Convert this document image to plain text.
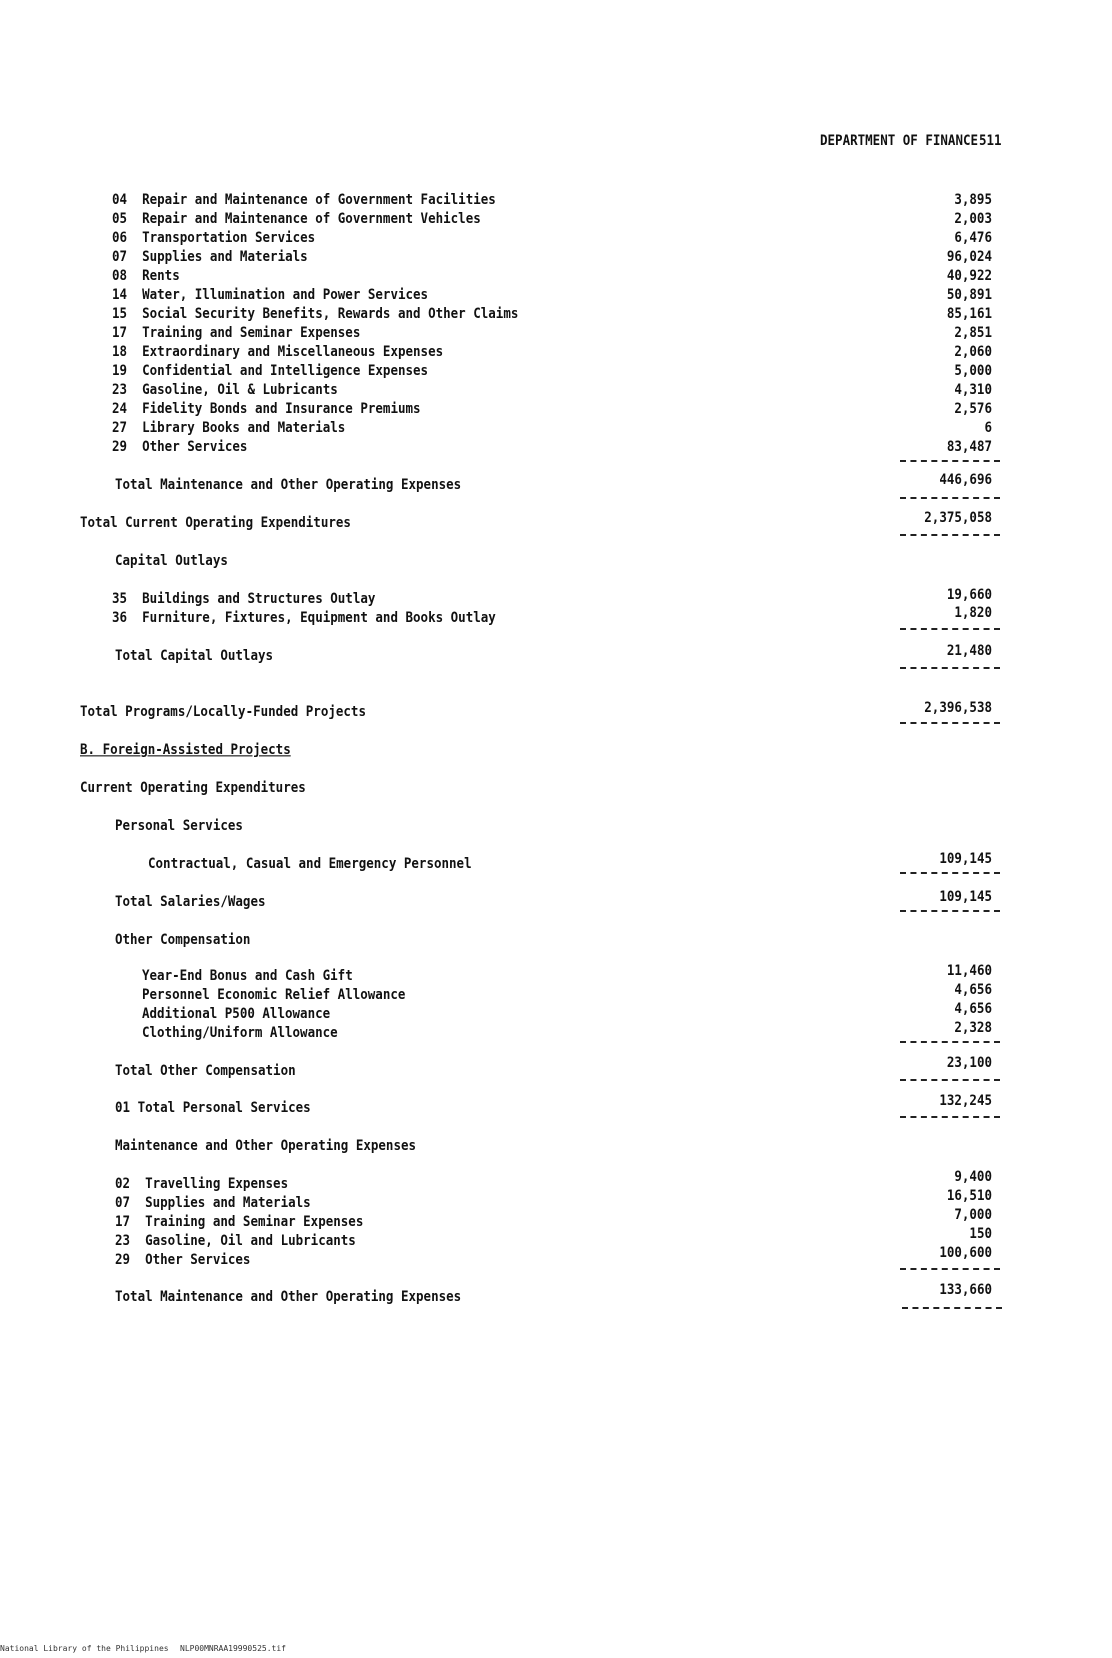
DEPARTMENT OF FINANCE 511
04  Repair and Maintenance of Government Facilities	3,895
05  Repair and Maintenance of Government Vehicles	2,003
06  Transportation Services	6,476
07  Supplies and Materials	96,024
08  Rents	40,922
14  Water, Illumination and Power Services	50,891
15  Social Security Benefits, Rewards and Other Claims	85,161
17  Training and Seminar Expenses	2,851
18  Extraordinary and Miscellaneous Expenses	2,060
19  Confidential and Intelligence Expenses	5,000
23  Gasoline, Oil & Lubricants	4,310
24  Fidelity Bonds and Insurance Premiums	2,576
27  Library Books and Materials	6
29  Other Services	83,487
Total Maintenance and Other Operating Expenses	446,696
Total Current Operating Expenditures	2,375,058
Capital Outlays
35  Buildings and Structures Outlay	19,660
36  Furniture, Fixtures, Equipment and Books Outlay	1,820
Total Capital Outlays	21,480
Total Programs/Locally-Funded Projects	2,396,538
B. Foreign-Assisted Projects
Current Operating Expenditures
Personal Services
Contractual, Casual and Emergency Personnel	109,145
Total Salaries/Wages	109,145
Other Compensation
Year-End Bonus and Cash Gift	11,460
Personnel Economic Relief Allowance	4,656
Additional P500 Allowance	4,656
Clothing/Uniform Allowance	2,328
Total Other Compensation	23,100
01 Total Personal Services	132,245
Maintenance and Other Operating Expenses
02  Travelling Expenses	9,400
07  Supplies and Materials	16,510
17  Training and Seminar Expenses	7,000
23  Gasoline, Oil and Lubricants	150
29  Other Services	100,600
Total Maintenance and Other Operating Expenses	133,660
National Library of the Philippines NLP00MNRAA19990525.tif
